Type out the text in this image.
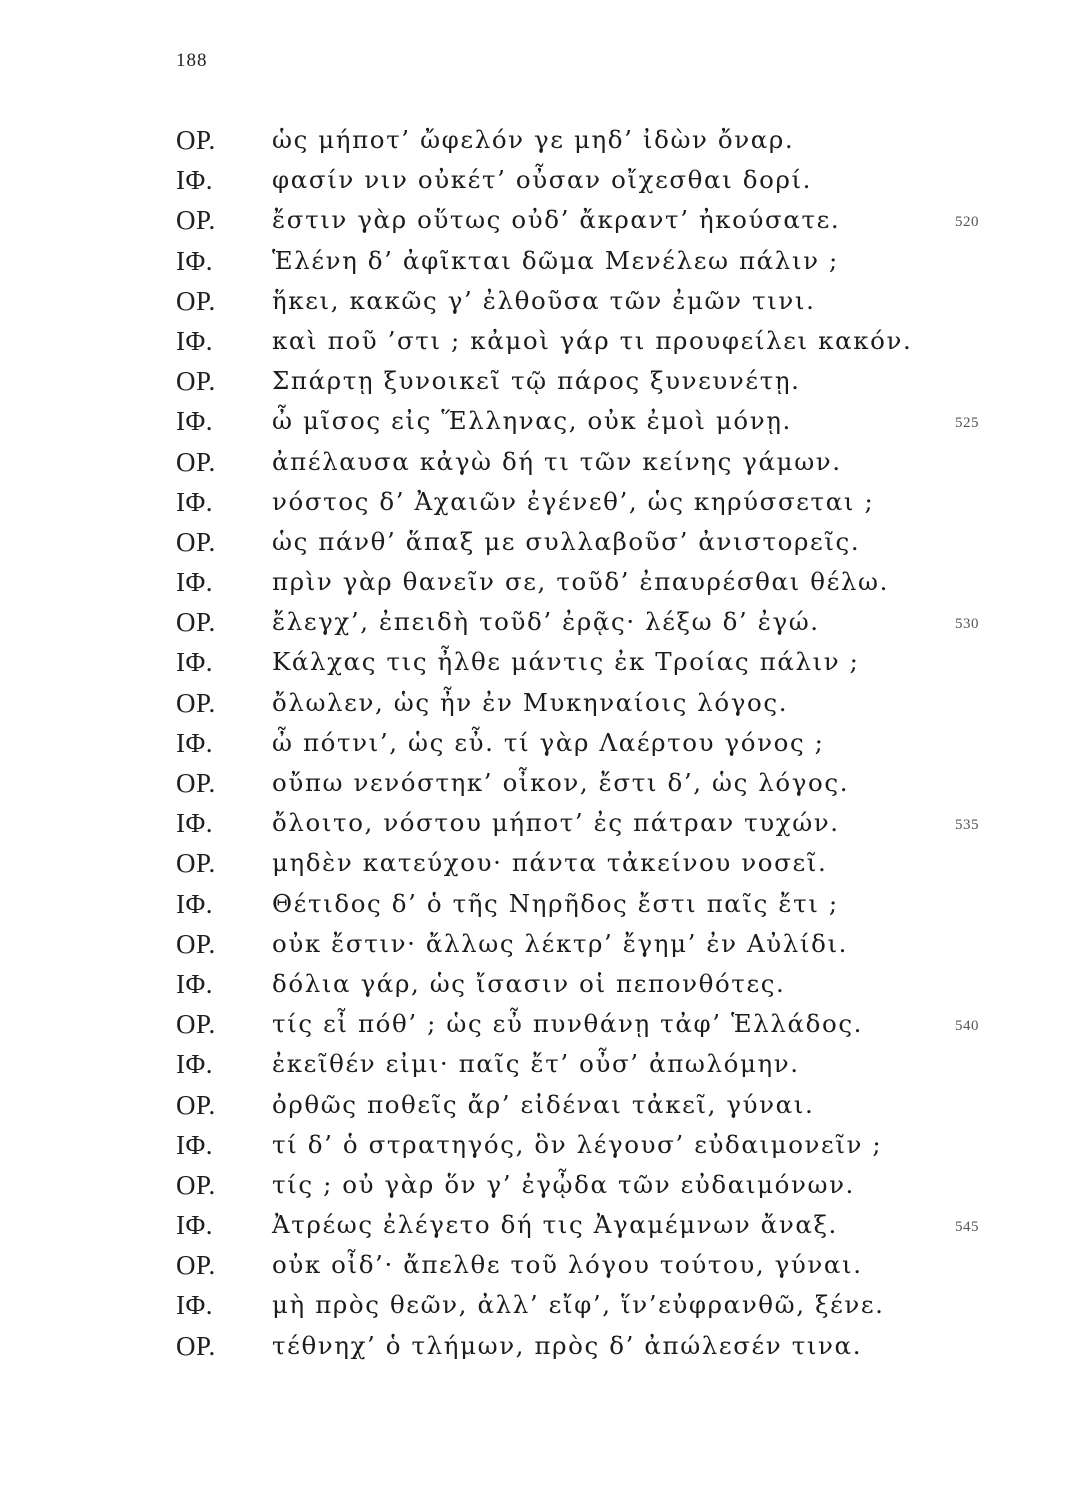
188
ΟΡ. ὡς μήποτ’ ὤφελόν γε μηδ’ ἰδὼν ὄναρ.
ΙΦ. φασίν νιν οὐκέτ’ οὖσαν οἴχεσθαι δορί.
ΟΡ. ἔστιν γὰρ οὕτως οὐδ’ ἄκραντ’ ἠκούσατε.	520
ΙΦ. Ἑλένη δ’ ἀφῖκται δῶμα Μενέλεω πάλιν ;
ΟΡ. ἥκει, κακῶς γ’ ἐλθοῦσα τῶν ἐμῶν τινι.
ΙΦ. καὶ ποῦ ’στι ; κἀμοὶ γάρ τι προυφείλει κακόν.
ΟΡ. Σπάρτῃ ξυνοικεῖ τῷ πάρος ξυνευνέτῃ.
ΙΦ. ὦ μῖσος εἰς Ἕλληνας, οὐκ ἐμοὶ μόνῃ.	525
ΟΡ. ἀπέλαυσα κἀγὼ δή τι τῶν κείνης γάμων.
ΙΦ. νόστος δ’ Ἀχαιῶν ἐγένεθ’, ὡς κηρύσσεται ;
ΟΡ. ὡς πάνθ’ ἅπαξ με συλλαβοῦσ’ ἀνιστορεῖς.
ΙΦ. πρὶν γὰρ θανεῖν σε, τοῦδ’ ἐπαυρέσθαι θέλω.
ΟΡ. ἔλεγχ’, ἐπειδὴ τοῦδ’ ἐρᾷς· λέξω δ’ ἐγώ.	530
ΙΦ. Κάλχας τις ἦλθε μάντις ἐκ Τροίας πάλιν ;
ΟΡ. ὄλωλεν, ὡς ἦν ἐν Μυκηναίοις λόγος.
ΙΦ. ὦ πότνι’, ὡς εὖ. τί γὰρ Λαέρτου γόνος ;
ΟΡ. οὔπω νενόστηκ’ οἶκον, ἔστι δ’, ὡς λόγος.
ΙΦ. ὄλοιτο, νόστου μήποτ’ ἐς πάτραν τυχών.	535
ΟΡ. μηδὲν κατεύχου· πάντα τἀκείνου νοσεῖ.
ΙΦ. Θέτιδος δ’ ὁ τῆς Νηρῆδος ἔστι παῖς ἔτι ;
ΟΡ. οὐκ ἔστιν· ἄλλως λέκτρ’ ἔγημ’ ἐν Αὐλίδι.
ΙΦ. δόλια γάρ, ὡς ἴσασιν οἱ πεπονθότες.
ΟΡ. τίς εἶ πόθ’ ; ὡς εὖ πυνθάνῃ τἀφ’ Ἑλλάδος.	540
ΙΦ. ἐκεῖθέν εἰμι· παῖς ἔτ’ οὖσ’ ἀπωλόμην.
ΟΡ. ὀρθῶς ποθεῖς ἄρ’ εἰδέναι τἀκεῖ, γύναι.
ΙΦ. τί δ’ ὁ στρατηγός, ὃν λέγουσ’ εὐδαιμονεῖν ;
ΟΡ. τίς ; οὐ γὰρ ὅν γ’ ἐγᾦδα τῶν εὐδαιμόνων.
ΙΦ. Ἀτρέως ἐλέγετο δή τις Ἀγαμέμνων ἄναξ.	545
ΟΡ. οὐκ οἶδ’· ἄπελθε τοῦ λόγου τούτου, γύναι.
ΙΦ. μὴ πρὸς θεῶν, ἀλλ’ εἴφ’, ἵν’εὐφρανθῶ, ξένε.
ΟΡ. τέθνηχ’ ὁ τλήμων, πρὸς δ’ ἀπώλεσέν τινα.
